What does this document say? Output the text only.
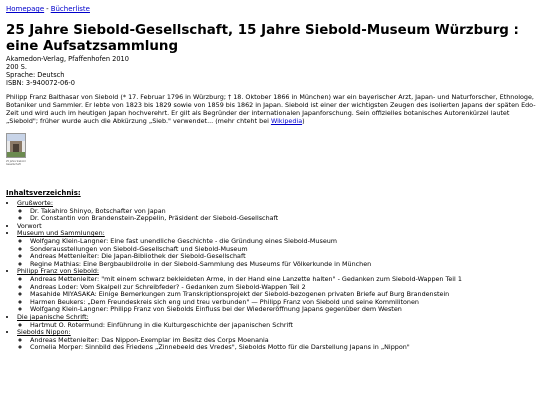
Homepage - Bücherliste
25 Jahre Siebold-Gesellschaft, 15 Jahre Siebold-Museum Würzburg : eine Aufsatzsammlung

Akamedon-Verlag, Pfaffenhofen 2010

200 S.

Sprache: Deutsch

ISBN: 3-940072-06-0

Philipp Franz Balthasar von Siebold (* 17. Februar 1796 in Würzburg; † 18. Oktober 1866 in München) war ein bayerischer Arzt, Japan- und Naturforscher, Ethnologe, Botaniker und Sammler. Er lebte von 1823 bis 1829 sowie von 1859 bis 1862 in Japan. Siebold ist einer der wichtigsten Zeugen des isolierten Japans der späten Edo-Zeit und wird auch im heutigen Japan hochverehrt. Er gilt als Begründer der internationalen Japanforschung. Sein offizielles botanisches Autorenkürzel lautet „Siebold"; früher wurde auch die Abkürzung „Sieb." verwendet... (mehr chteht bei Wikipedia)
25 Jahre Siebold Gesellschaft
Inhaltsverzeichnis:
• Grußworte:
◦ Dr. Takahiro Shinyo, Botschafter von Japan
◦ Dr. Constantin von Brandenstein-Zeppelin, Präsident der Siebold-Gesellschaft
• Vorwort
• Museum und Sammlungen:
◦ Wolfgang Klein-Langner: Eine fast unendliche Geschichte - die Gründung eines Siebold-Museum
◦ Sonderausstellungen von Siebold-Gesellschaft und Siebold-Museum
◦ Andreas Mettenleiter: Die Japan-Bibliothek der Siebold-Gesellschaft
◦ Regine Mathias: Eine Bergbaubildrolle in der Siebold-Sammlung des Museums für Völkerkunde in München
• Philipp Franz von Siebold:
◦ Andreas Mettenleiter: "mit einem schwarz bekleideten Arme, in der Hand eine Lanzette halten" - Gedanken zum Siebold-Wappen Teil 1
◦ Andreas Loder: Vom Skalpell zur Schreibfeder? - Gedanken zum Siebold-Wappen Teil 2
◦ Masahide MIYASAKA: Einige Bemerkungen zum Transkriptionsprojekt der Siebold-bezogenen privaten Briefe auf Burg Brandenstein
◦ Harmen Beukers: „Dem Freundeskreis sich eng und treu verbunden" — Philipp Franz von Siebold und seine Kommilitonen
◦ Wolfgang Klein-Langner: Philipp Franz von Siebolds Einfluss bei der Wiedereröffnung Japans gegenüber dem Westen
• Die japanische Schrift:
◦ Hartmut O. Rotermund: Einführung in die Kulturgeschichte der japanischen Schrift
• Siebolds Nippon:
◦ Andreas Mettenleiter: Das Nippon-Exemplar im Besitz des Corps Moenania
◦ Cornelia Morper: Sinnbild des Friedens „Zinnebeeld des Vredes", Siebolds Motto für die Darstellung Japans in „Nippon"
